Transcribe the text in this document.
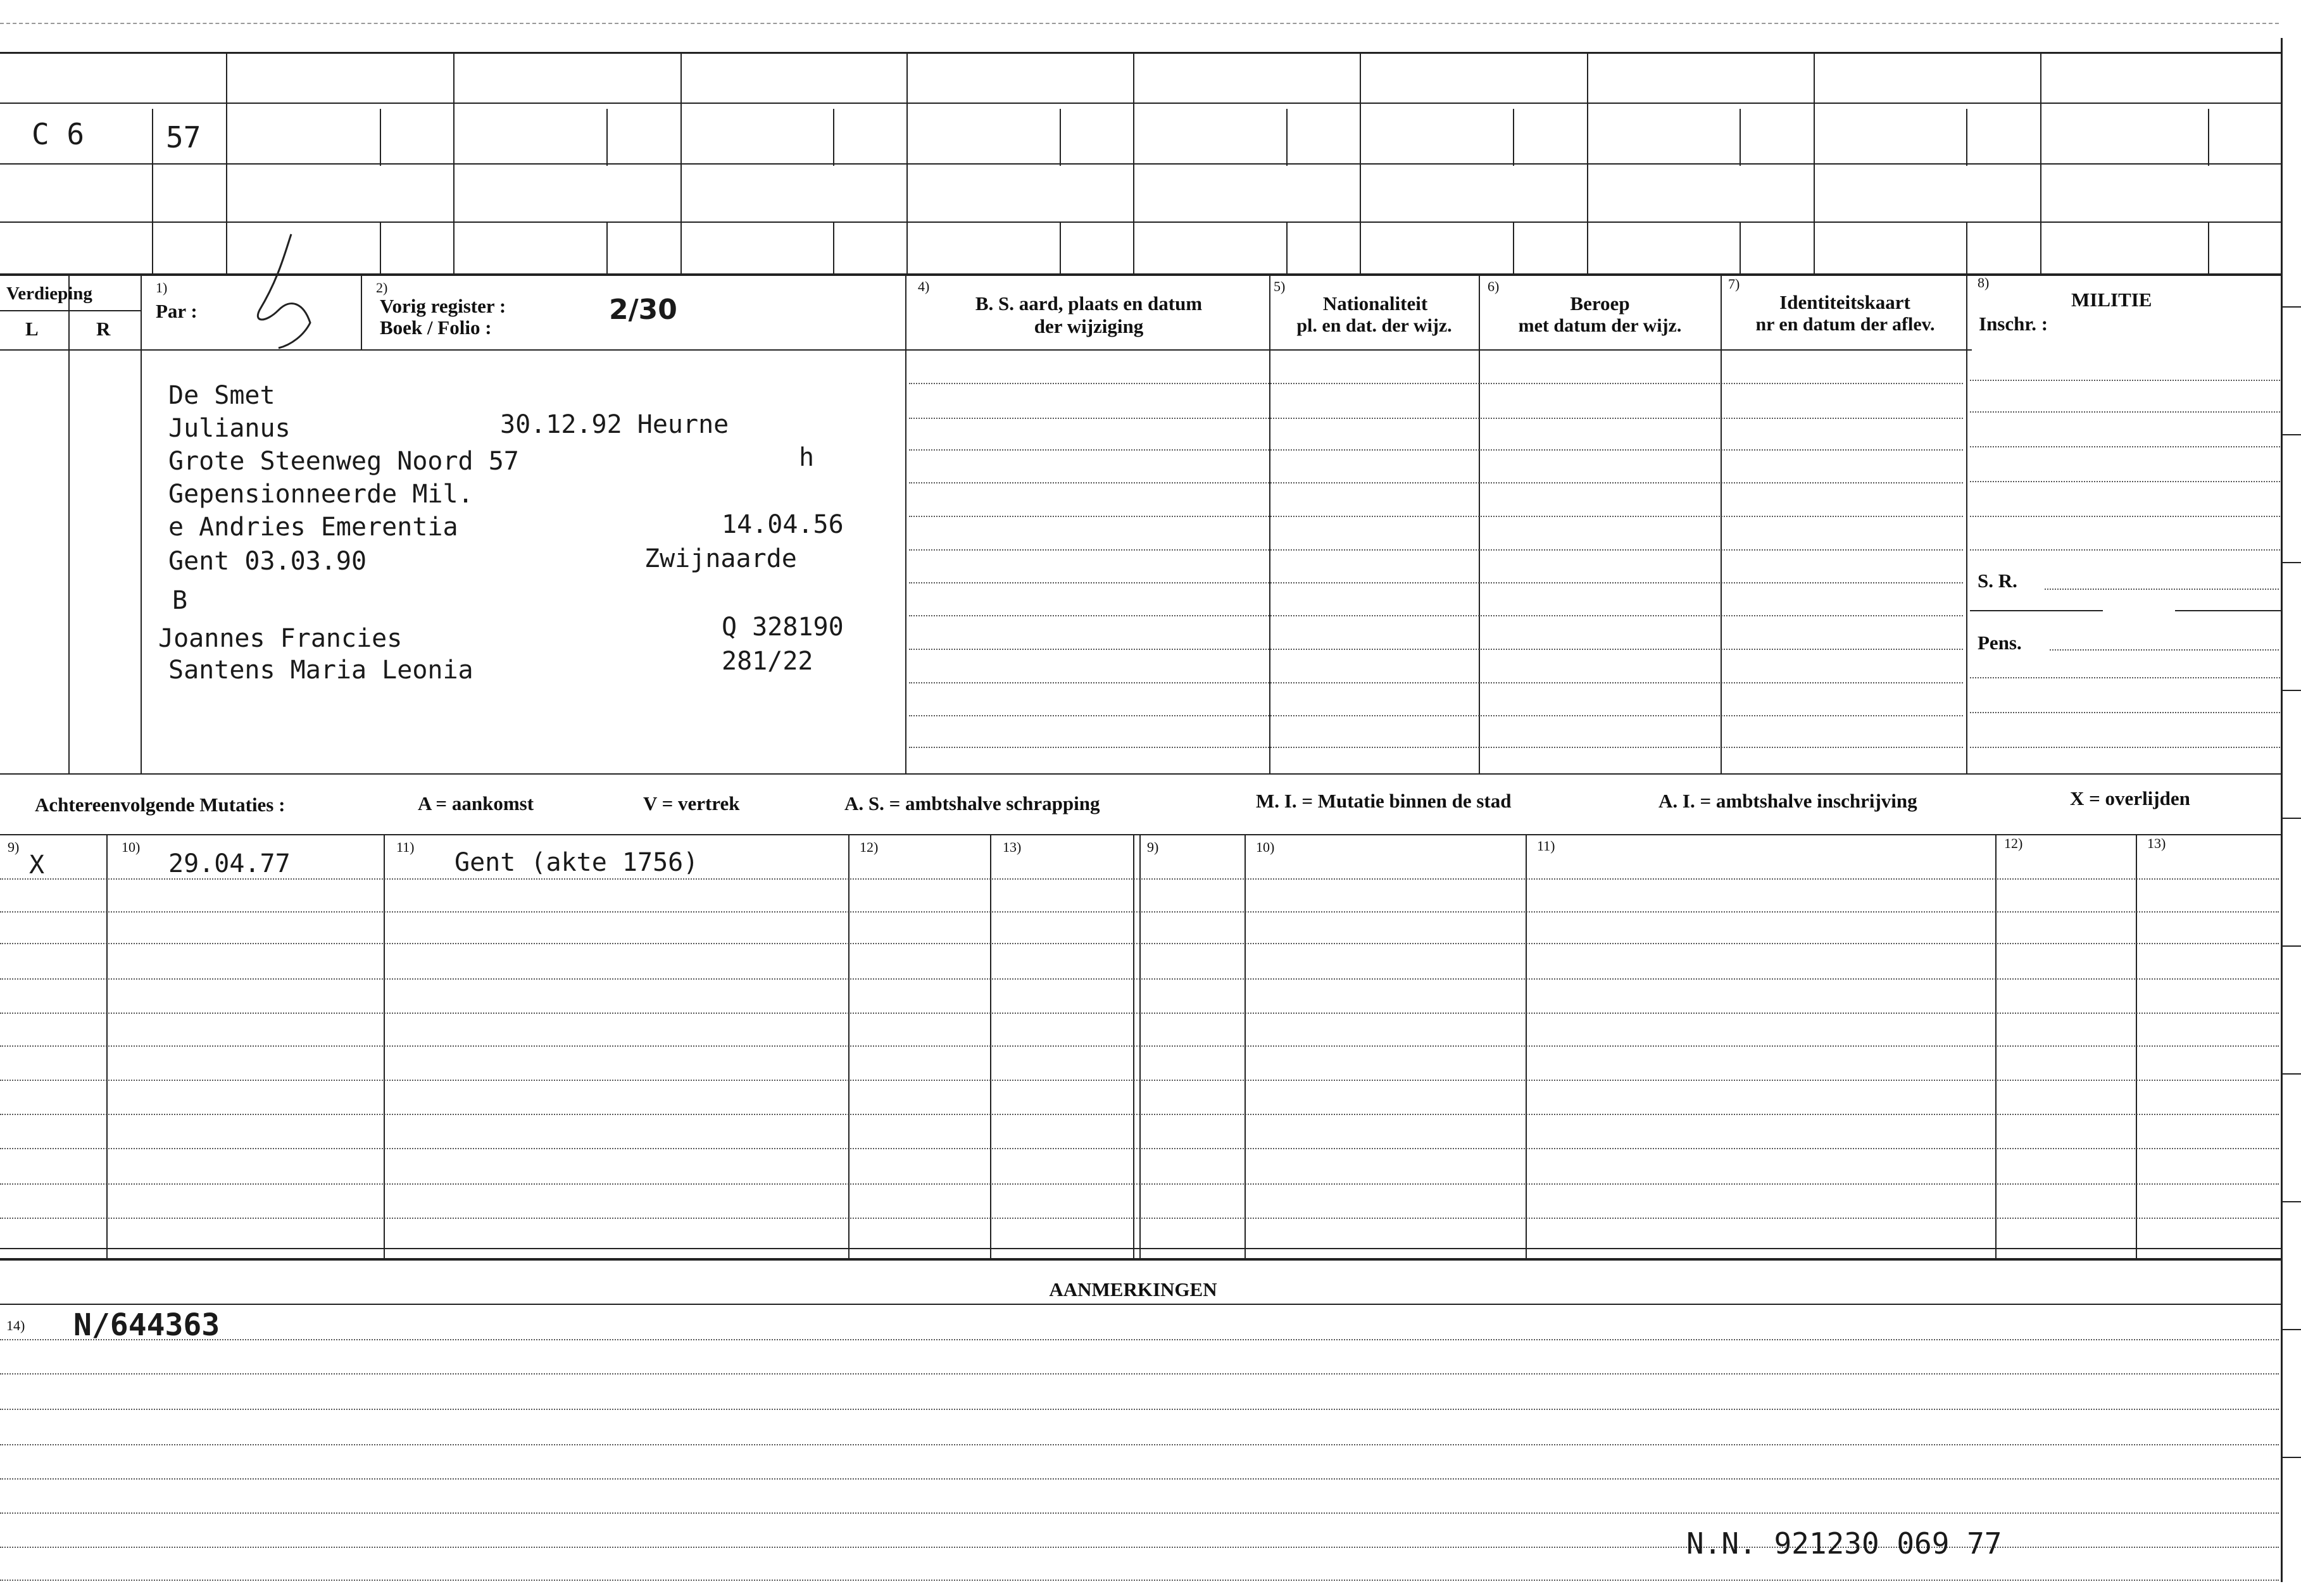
C 6	57
Verdieping
L	R
1)
Par :
2)
Vorig register :
Boek / Folio :
2/30
4)
B. S. aard, plaats en datum
der wijziging
5)
Nationaliteit
pl. en dat. der wijz.
6)
Beroep
met datum der wijz.
7)
Identiteitskaart
nr en datum der aflev.
8)
MILITIE
Inschr. :
S. R.
Pens.
De Smet
Julianus
Grote Steenweg Noord 57
Gepensionneerde Mil.
e Andries Emerentia
Gent 03.03.90
B
Joannes Francies
Santens Maria Leonia
30.12.92 Heurne
h
14.04.56
Zwijnaarde
Q 328190
281/22
Achtereenvolgende Mutaties :	A = aankomst	V = vertrek	A. S. = ambtshalve schrapping	M. I. = Mutatie binnen de stad	A. I. = ambtshalve inschrijving	X = overlijden
9)	10)	11)	12)	13)	9)	10)	11)	12)	13)
X	29.04.77	Gent (akte 1756)
AANMERKINGEN
14) N/644363
N.N. 921230 069 77
